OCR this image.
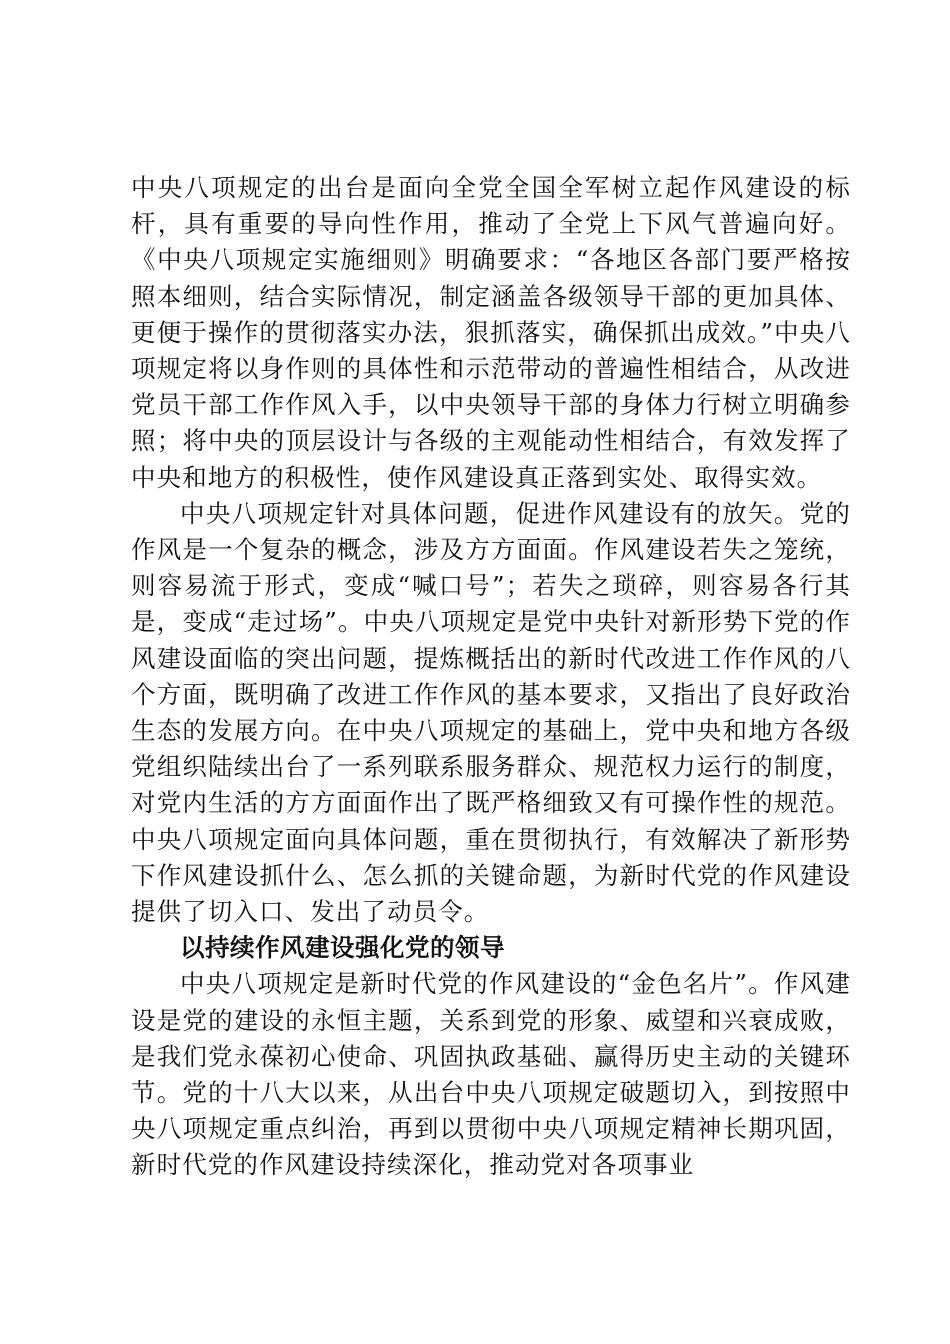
中央八项规定的出台是面向全党全国全军树立起作风建设的标杆，具有重要的导向性作用，推动了全党上下风气普遍向好。《中央八项规定实施细则》明确要求：“各地区各部门要严格按照本细则，结合实际情况，制定涵盖各级领导干部的更加具体、更便于操作的贯彻落实办法，狠抓落实，确保抓出成效。”中央八项规定将以身作则的具体性和示范带动的普遍性相结合，从改进党员干部工作作风入手，以中央领导干部的身体力行树立明确参照；将中央的顶层设计与各级的主观能动性相结合，有效发挥了中央和地方的积极性，使作风建设真正落到实处、取得实效。

中央八项规定针对具体问题，促进作风建设有的放矢。党的作风是一个复杂的概念，涉及方方面面。作风建设若失之笼统，则容易流于形式，变成“喊口号”；若失之琐碎，则容易各行其是，变成“走过场”。中央八项规定是党中央针对新形势下党的作风建设面临的突出问题，提炼概括出的新时代改进工作作风的八个方面，既明确了改进工作作风的基本要求，又指出了良好政治生态的发展方向。在中央八项规定的基础上，党中央和地方各级党组织陆续出台了一系列联系服务群众、规范权力运行的制度，对党内生活的方方面面作出了既严格细致又有可操作性的规范。中央八项规定面向具体问题，重在贯彻执行，有效解决了新形势下作风建设抓什么、怎么抓的关键命题，为新时代党的作风建设提供了切入口、发出了动员令。

以持续作风建设强化党的领导

中央八项规定是新时代党的作风建设的“金色名片”。作风建设是党的建设的永恒主题，关系到党的形象、威望和兴衰成败，是我们党永葆初心使命、巩固执政基础、赢得历史主动的关键环节。党的十八大以来，从出台中央八项规定破题切入，到按照中央八项规定重点纠治，再到以贯彻中央八项规定精神长期巩固，新时代党的作风建设持续深化，推动党对各项事业
